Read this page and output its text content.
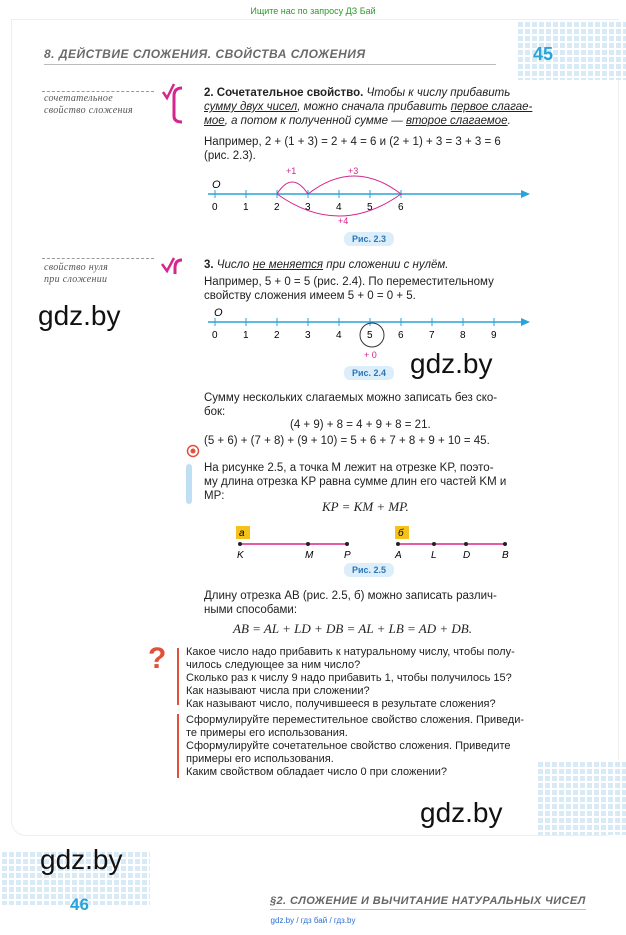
Ищите нас по запросу ДЗ Бай
8. ДЕЙСТВИЕ СЛОЖЕНИЯ. СВОЙСТВА СЛОЖЕНИЯ	45
сочетательное
свойство сложения
2. Сочетательное свойство. Чтобы к числу прибавить
сумму двух чисел, можно сначала прибавить первое слагае-
мое, а потом к полученной сумме — второе слагаемое.
Например, 2 + (1 + 3) = 2 + 4 = 6 и (2 + 1) + 3 = 3 + 3 = 6
(рис. 2.3).
O
0	1	2	3	4	5	6
+1	+3
+4
Рис. 2.3
свойство нуля
при сложении
3. Число не меняется при сложении с нулём.
Например, 5 + 0 = 5 (рис. 2.4). По переместительному
свойству сложения имеем 5 + 0 = 0 + 5.
O
0	1	2	3	4	5	6	7	8	9
+ 0
Рис. 2.4
Сумму нескольких слагаемых можно записать без ско-
бок:
(4 + 9) + 8 = 4 + 9 + 8 = 21.
(5 + 6) + (7 + 8) + (9 + 10) = 5 + 6 + 7 + 8 + 9 + 10 = 45.
На рисунке 2.5, а точка M лежит на отрезке KP, поэто-
му длина отрезка KP равна сумме длин его частей KM и
MP:
KP = KM + MP.
а	б
K	M	P	A	L	D	B
Рис. 2.5
Длину отрезка AB (рис. 2.5, б) можно записать различ-
ными способами:
AB = AL + LD + DB = AL + LB = AD + DB.
? Какое число надо прибавить к натуральному числу, чтобы полу-
чилось следующее за ним число?
Сколько раз к числу 9 надо прибавить 1, чтобы получилось 15?
Как называют числа при сложении?
Как называют число, получившееся в результате сложения?
Сформулируйте переместительное свойство сложения. Приведи-
те примеры его использования.
Сформулируйте сочетательное свойство сложения. Приведите
примеры его использования.
Каким свойством обладает число 0 при сложении?
gdz.by
gdz.by
gdz.by
gdz.by
46	§2. СЛОЖЕНИЕ И ВЫЧИТАНИЕ НАТУРАЛЬНЫХ ЧИСЕЛ
gdz.by / гдз бай / гдз.by
